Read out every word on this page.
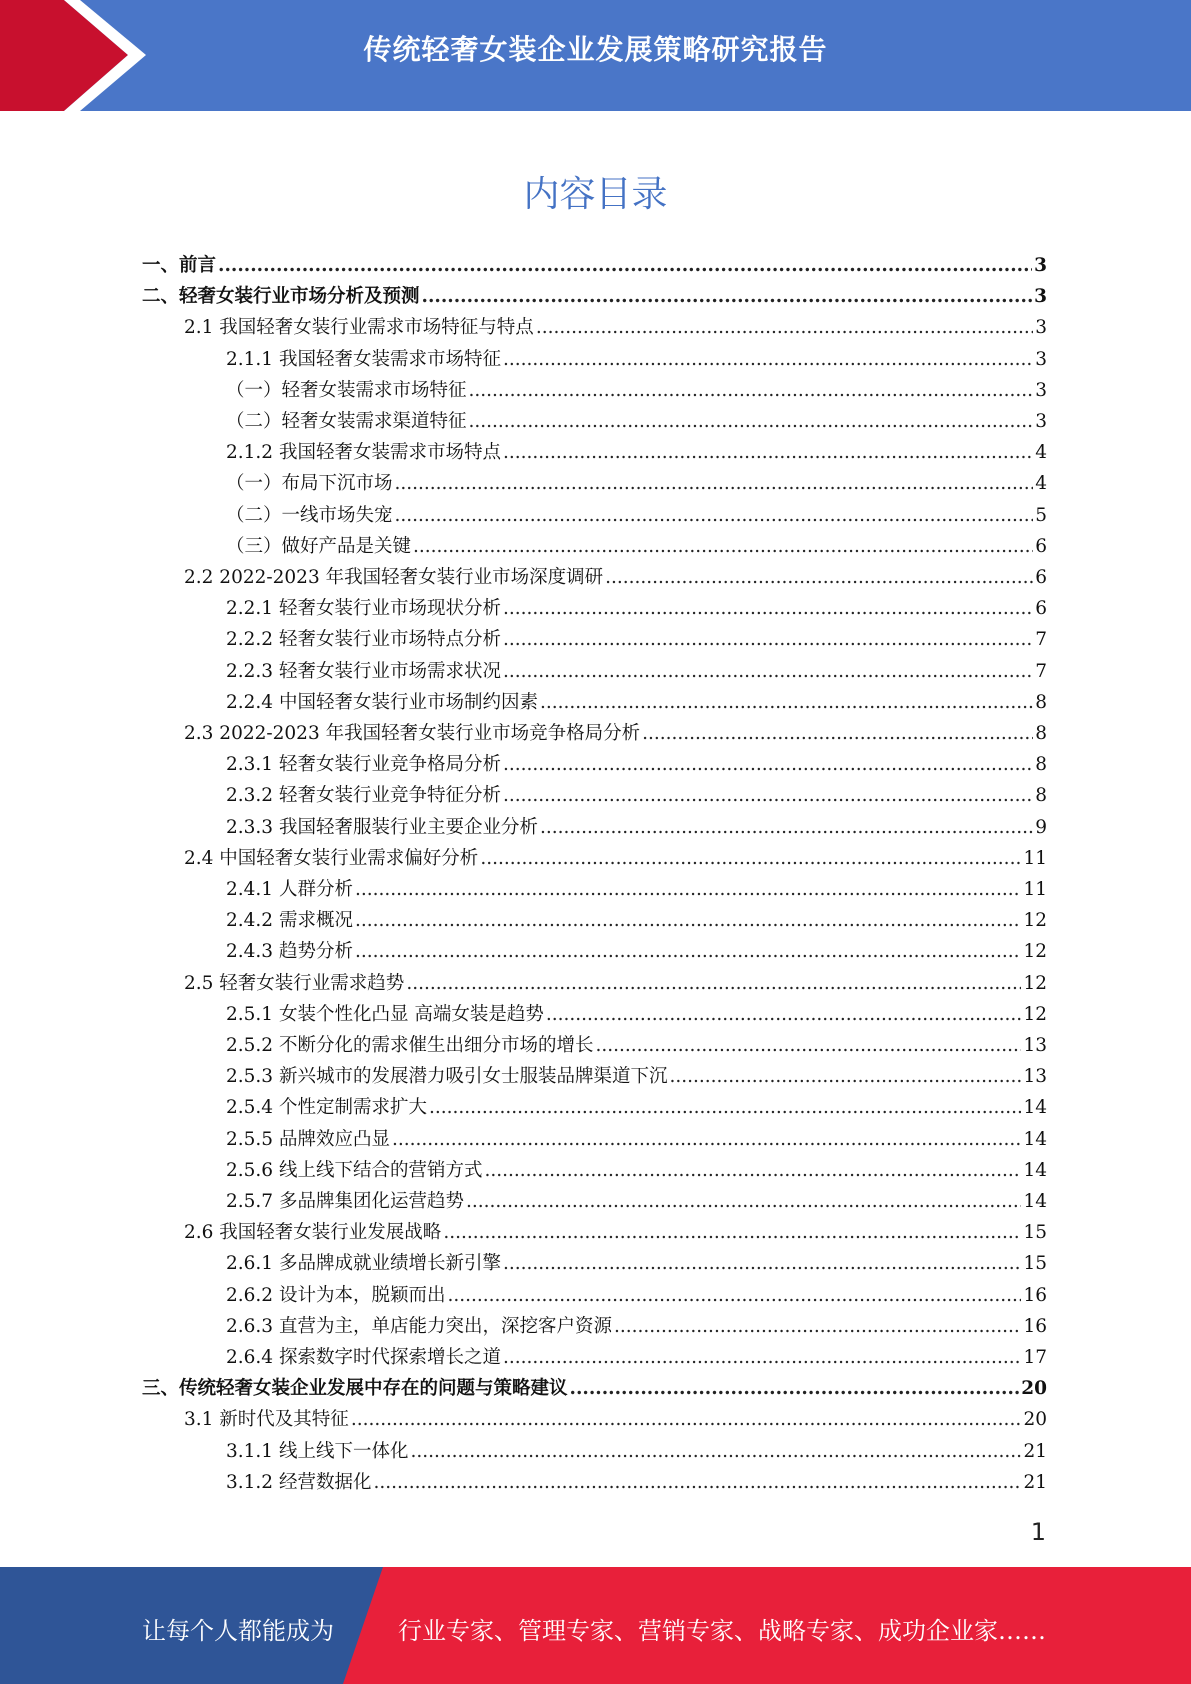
传统轻奢女装企业发展策略研究报告
内容目录
一、前言 .....	3
二、轻奢女装行业市场分析及预测 .....	3
2.1 我国轻奢女装行业需求市场特征与特点 .....	3
2.1.1 我国轻奢女装需求市场特征 .....	3
（一）轻奢女装需求市场特征 .....	3
（二）轻奢女装需求渠道特征 .....	3
2.1.2 我国轻奢女装需求市场特点 .....	4
（一）布局下沉市场 .....	4
（二）一线市场失宠 .....	5
（三）做好产品是关键 .....	6
2.2 2022-2023 年我国轻奢女装行业市场深度调研 .....	6
2.2.1 轻奢女装行业市场现状分析 .....	6
2.2.2 轻奢女装行业市场特点分析 .....	7
2.2.3 轻奢女装行业市场需求状况 .....	7
2.2.4 中国轻奢女装行业市场制约因素 .....	8
2.3 2022-2023 年我国轻奢女装行业市场竞争格局分析 .....	8
2.3.1 轻奢女装行业竞争格局分析 .....	8
2.3.2 轻奢女装行业竞争特征分析 .....	8
2.3.3 我国轻奢服装行业主要企业分析 .....	9
2.4 中国轻奢女装行业需求偏好分析 .....	11
2.4.1 人群分析 .....	11
2.4.2 需求概况 .....	12
2.4.3 趋势分析 .....	12
2.5 轻奢女装行业需求趋势 .....	12
2.5.1 女装个性化凸显 高端女装是趋势 .....	12
2.5.2 不断分化的需求催生出细分市场的增长 .....	13
2.5.3 新兴城市的发展潜力吸引女士服装品牌渠道下沉 .....	13
2.5.4 个性定制需求扩大 .....	14
2.5.5 品牌效应凸显 .....	14
2.5.6 线上线下结合的营销方式 .....	14
2.5.7 多品牌集团化运营趋势 .....	14
2.6 我国轻奢女装行业发展战略 .....	15
2.6.1 多品牌成就业绩增长新引擎 .....	15
2.6.2 设计为本，脱颖而出 .....	16
2.6.3 直营为主，单店能力突出，深挖客户资源 .....	16
2.6.4 探索数字时代探索增长之道 .....	17
三、传统轻奢女装企业发展中存在的问题与策略建议 .....	20
3.1 新时代及其特征 .....	20
3.1.1 线上线下一体化 .....	21
3.1.2 经营数据化 .....	21
1
让每个人都能成为	行业专家、管理专家、营销专家、战略专家、成功企业家……
